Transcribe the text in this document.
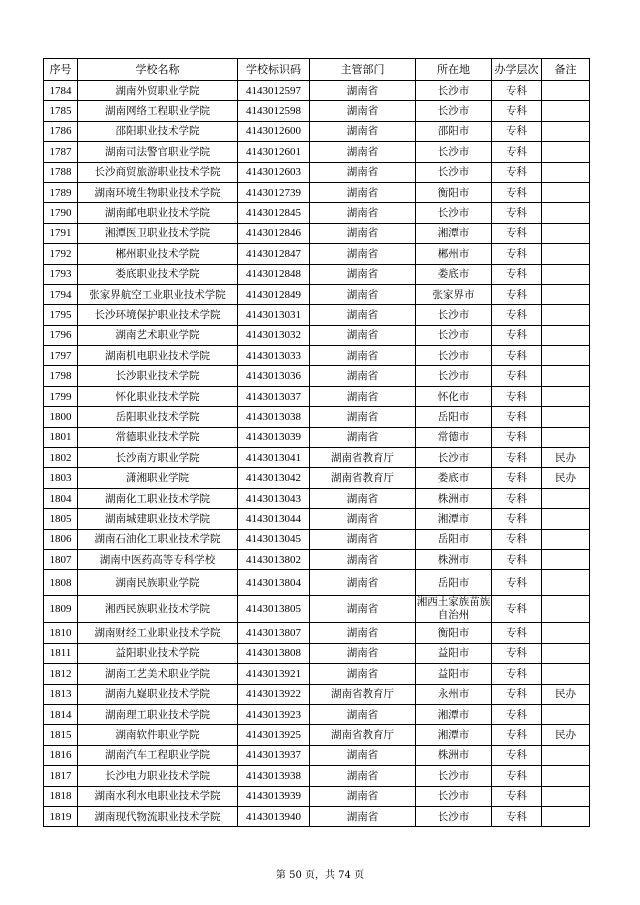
序号	学校名称	学校标识码	主管部门	所在地	办学层次	备注
1784	湖南外贸职业学院	4143012597	湖南省	长沙市	专科	
1785	湖南网络工程职业学院	4143012598	湖南省	长沙市	专科	
1786	邵阳职业技术学院	4143012600	湖南省	邵阳市	专科	
1787	湖南司法警官职业学院	4143012601	湖南省	长沙市	专科	
1788	长沙商贸旅游职业技术学院	4143012603	湖南省	长沙市	专科	
1789	湖南环境生物职业技术学院	4143012739	湖南省	衡阳市	专科	
1790	湖南邮电职业技术学院	4143012845	湖南省	长沙市	专科	
1791	湘潭医卫职业技术学院	4143012846	湖南省	湘潭市	专科	
1792	郴州职业技术学院	4143012847	湖南省	郴州市	专科	
1793	娄底职业技术学院	4143012848	湖南省	娄底市	专科	
1794	张家界航空工业职业技术学院	4143012849	湖南省	张家界市	专科	
1795	长沙环境保护职业技术学院	4143013031	湖南省	长沙市	专科	
1796	湖南艺术职业学院	4143013032	湖南省	长沙市	专科	
1797	湖南机电职业技术学院	4143013033	湖南省	长沙市	专科	
1798	长沙职业技术学院	4143013036	湖南省	长沙市	专科	
1799	怀化职业技术学院	4143013037	湖南省	怀化市	专科	
1800	岳阳职业技术学院	4143013038	湖南省	岳阳市	专科	
1801	常德职业技术学院	4143013039	湖南省	常德市	专科	
1802	长沙南方职业学院	4143013041	湖南省教育厅	长沙市	专科	民办
1803	潇湘职业学院	4143013042	湖南省教育厅	娄底市	专科	民办
1804	湖南化工职业技术学院	4143013043	湖南省	株洲市	专科	
1805	湖南城建职业技术学院	4143013044	湖南省	湘潭市	专科	
1806	湖南石油化工职业技术学院	4143013045	湖南省	岳阳市	专科	
1807	湖南中医药高等专科学校	4143013802	湖南省	株洲市	专科	
1808	湖南民族职业学院	4143013804	湖南省	岳阳市	专科	
1809	湘西民族职业技术学院	4143013805	湖南省	湘西土家族苗族自治州	专科	
1810	湖南财经工业职业技术学院	4143013807	湖南省	衡阳市	专科	
1811	益阳职业技术学院	4143013808	湖南省	益阳市	专科	
1812	湖南工艺美术职业学院	4143013921	湖南省	益阳市	专科	
1813	湖南九嶷职业技术学院	4143013922	湖南省教育厅	永州市	专科	民办
1814	湖南理工职业技术学院	4143013923	湖南省	湘潭市	专科	
1815	湖南软件职业学院	4143013925	湖南省教育厅	湘潭市	专科	民办
1816	湖南汽车工程职业学院	4143013937	湖南省	株洲市	专科	
1817	长沙电力职业技术学院	4143013938	湖南省	长沙市	专科	
1818	湖南水利水电职业技术学院	4143013939	湖南省	长沙市	专科	
1819	湖南现代物流职业技术学院	4143013940	湖南省	长沙市	专科	
第 50 页，共 74 页
